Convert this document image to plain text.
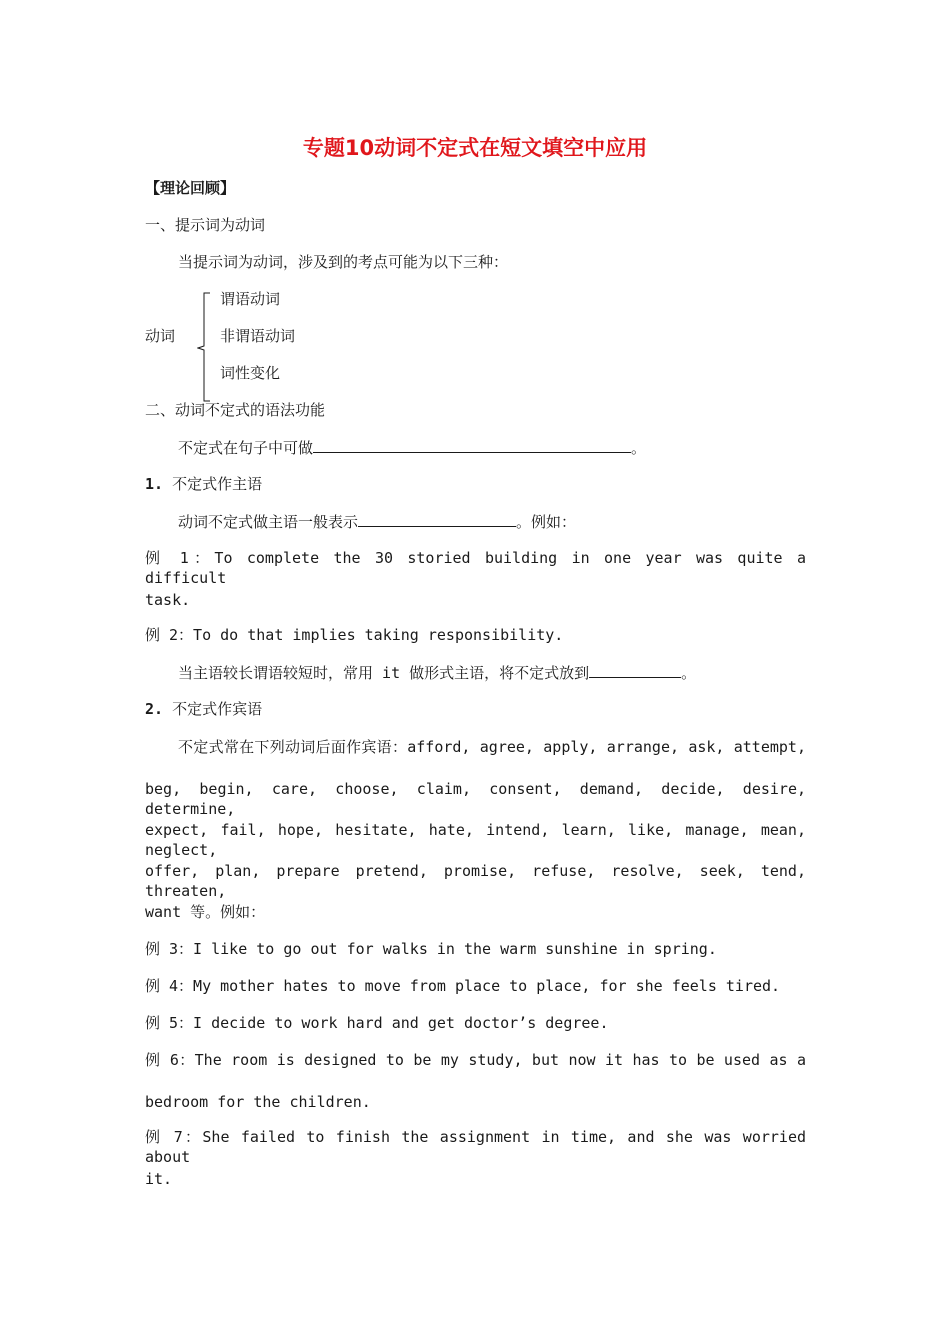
专题10动词不定式在短文填空中应用
【理论回顾】
一、提示词为动词
当提示词为动词，涉及到的考点可能为以下三种：
动词
谓语动词
非谓语动词
词性变化
二、动词不定式的语法功能
不定式在句子中可做	。
1. 不定式作主语
动词不定式做主语一般表示	。例如：
例 1：To complete the 30 storied building in one year was quite a difficult
task.
例 2：To do that implies taking responsibility.
当主语较长谓语较短时，常用 it 做形式主语，将不定式放到	。
2. 不定式作宾语
不定式常在下列动词后面作宾语：afford, agree, apply, arrange, ask, attempt,
beg, begin, care, choose, claim, consent, demand, decide, desire, determine,
expect, fail, hope, hesitate, hate, intend, learn, like, manage, mean, neglect,
offer, plan, prepare pretend, promise, refuse, resolve, seek, tend, threaten,
want 等。例如：
例 3：I like to go out for walks in the warm sunshine in spring.
例 4：My mother hates to move from place to place, for she feels tired.
例 5：I decide to work hard and get doctor’s degree.
例 6：The room is designed to be my study, but now it has to be used as a
bedroom for the children.
例 7：She failed to finish the assignment in time, and she was worried about
it.
